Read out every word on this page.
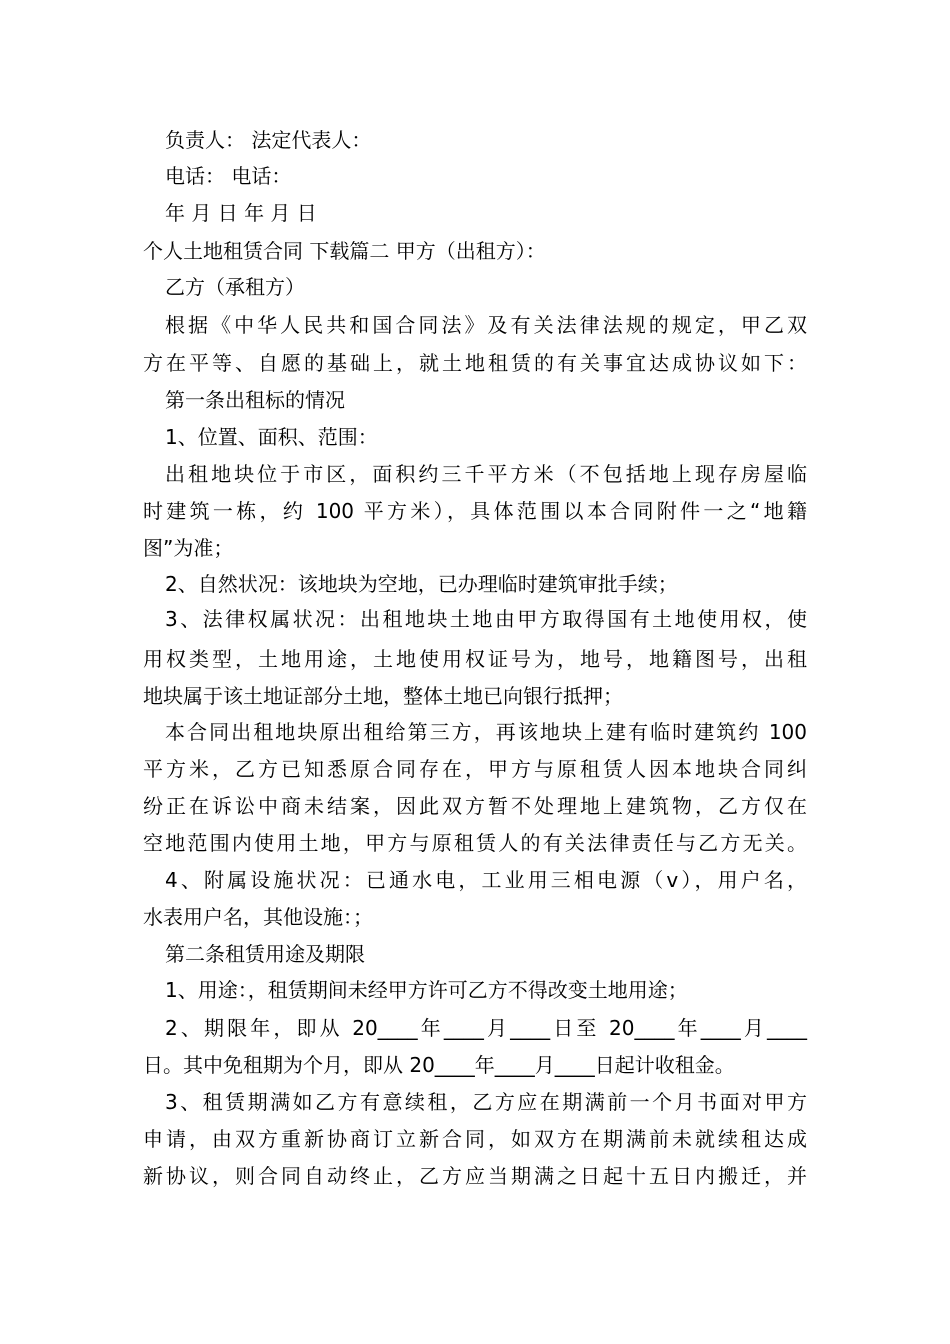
负责人： 法定代表人：
电话： 电话：
年 月 日 年 月 日
个人土地租赁合同 下载篇二 甲方（出租方）：
乙方（承租方）
根据《中华人民共和国合同法》及有关法律法规的规定，甲乙双
方在平等、自愿的基础上，就土地租赁的有关事宜达成协议如下：
第一条出租标的情况
1、位置、面积、范围：
出租地块位于市区，面积约三千平方米（不包括地上现存房屋临
时建筑一栋，约 100 平方米），具体范围以本合同附件一之“地籍
图”为准；
2、自然状况：该地块为空地，已办理临时建筑审批手续；
3、法律权属状况：出租地块土地由甲方取得国有土地使用权，使
用权类型，土地用途，土地使用权证号为，地号，地籍图号，出租
地块属于该土地证部分土地，整体土地已向银行抵押；
本合同出租地块原出租给第三方，再该地块上建有临时建筑约 100
平方米，乙方已知悉原合同存在，甲方与原租赁人因本地块合同纠
纷正在诉讼中商未结案，因此双方暂不处理地上建筑物，乙方仅在
空地范围内使用土地，甲方与原租赁人的有关法律责任与乙方无关。
4、附属设施状况：已通水电，工业用三相电源（v），用户名，
水表用户名，其他设施：；
第二条租赁用途及期限
1、用途：，租赁期间未经甲方许可乙方不得改变土地用途；
2、期限年，即从 20____年____月____日至 20____年____月____
日。其中免租期为个月，即从 20____年____月____日起计收租金。
3、租赁期满如乙方有意续租，乙方应在期满前一个月书面对甲方
申请，由双方重新协商订立新合同，如双方在期满前未就续租达成
新协议，则合同自动终止，乙方应当期满之日起十五日内搬迁，并
